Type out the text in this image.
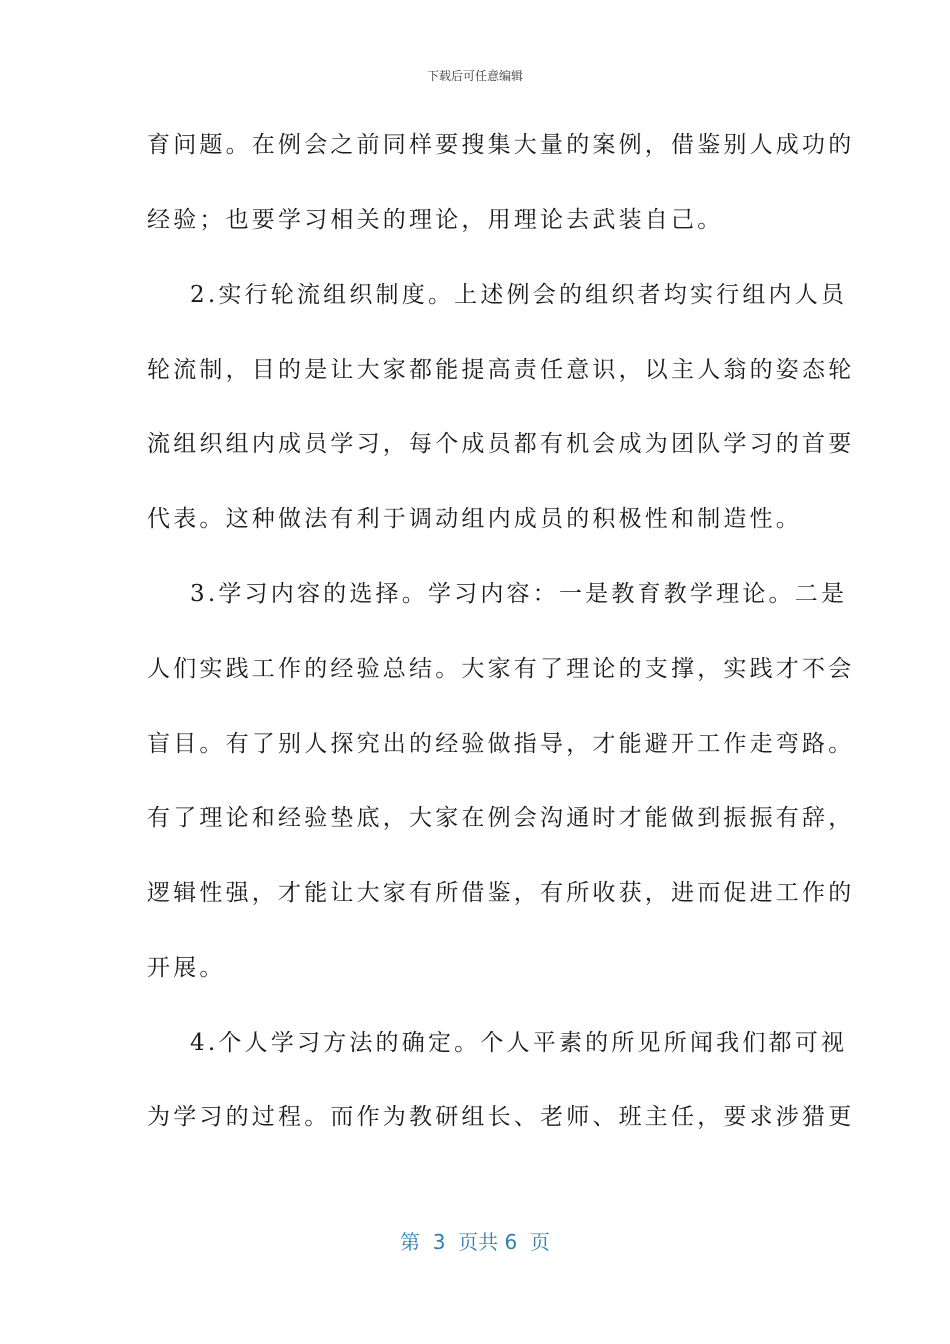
下载后可任意编辑
育问题。在例会之前同样要搜集大量的案例，借鉴别人成功的
经验；也要学习相关的理论，用理论去武装自己。
2.实行轮流组织制度。上述例会的组织者均实行组内人员
轮流制，目的是让大家都能提高责任意识，以主人翁的姿态轮
流组织组内成员学习，每个成员都有机会成为团队学习的首要
代表。这种做法有利于调动组内成员的积极性和制造性。
3.学习内容的选择。学习内容：一是教育教学理论。二是
人们实践工作的经验总结。大家有了理论的支撑，实践才不会
盲目。有了别人探究出的经验做指导，才能避开工作走弯路。
有了理论和经验垫底，大家在例会沟通时才能做到振振有辞，
逻辑性强，才能让大家有所借鉴，有所收获，进而促进工作的
开展。
4.个人学习方法的确定。个人平素的所见所闻我们都可视
为学习的过程。而作为教研组长、老师、班主任，要求涉猎更
第  3  页共 6  页
